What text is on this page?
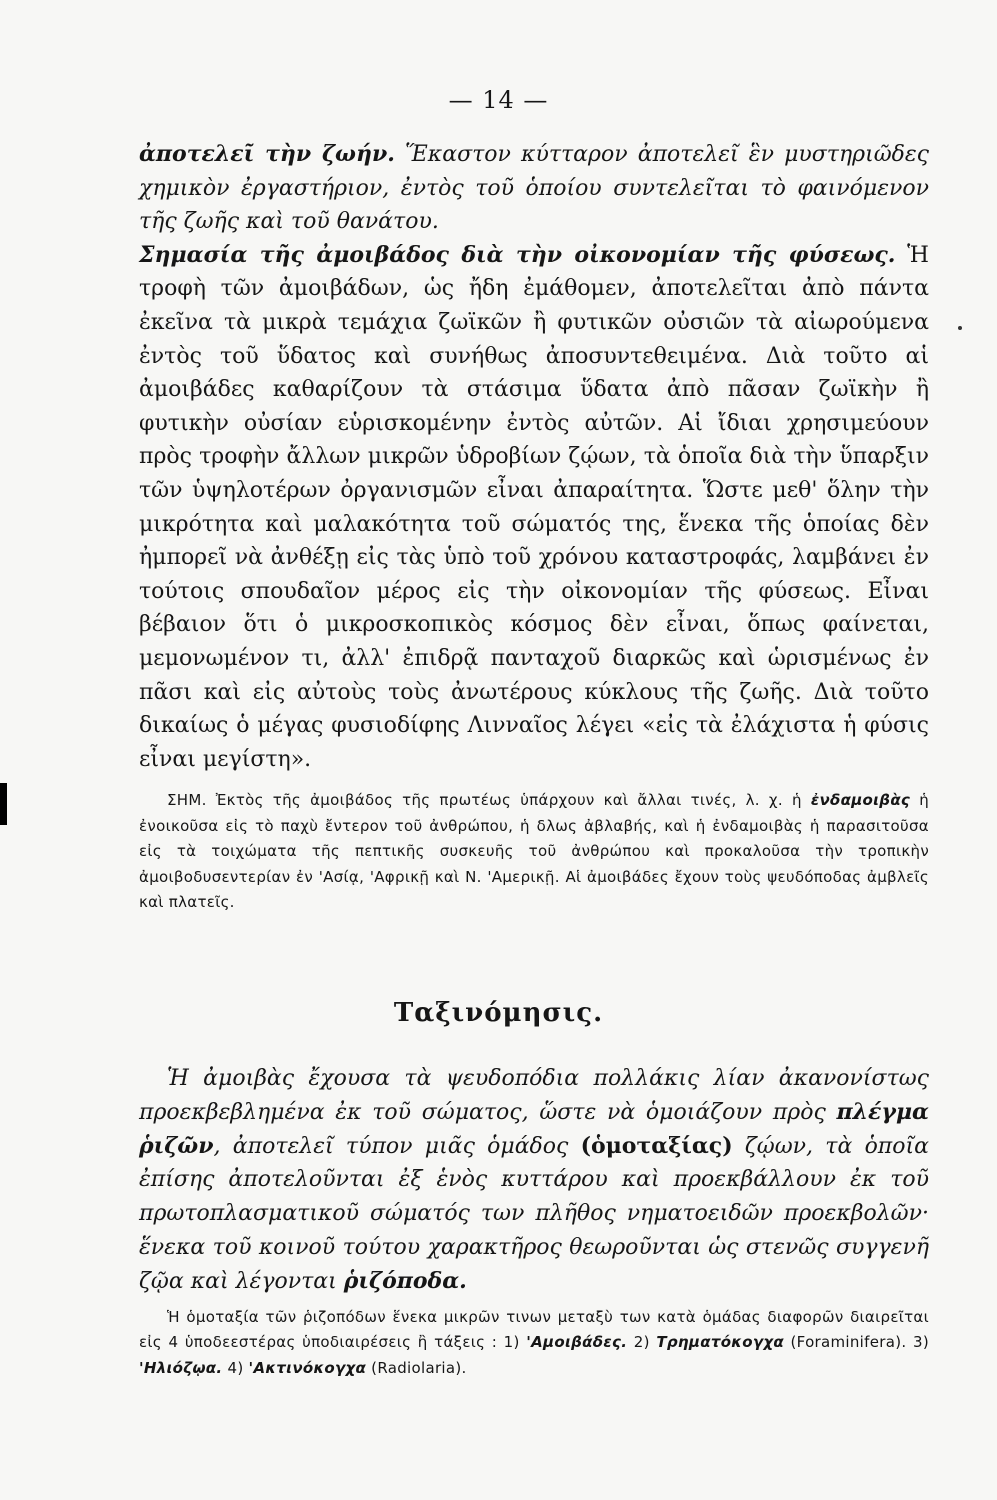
— 14 —

ἀποτελεῖ τὴν ζωήν. Ἕκαστον κύτταρον ἀποτελεῖ ἓν μυστηριῶδες χημικὸν ἐργαστήριον, ἐντὸς τοῦ ὁποίου συντελεῖται τὸ φαινόμενον τῆς ζωῆς καὶ τοῦ θανάτου.

Σημασία τῆς ἀμοιβάδος διὰ τὴν οἰκονομίαν τῆς φύσεως. Ἡ τροφὴ τῶν ἀμοιβάδων, ὡς ἤδη ἐμάθομεν, ἀποτελεῖται ἀπὸ πάντα ἐκεῖνα τὰ μικρὰ τεμάχια ζωϊκῶν ἢ φυτικῶν οὐσιῶν τὰ αἰωρούμενα ἐντὸς τοῦ ὕδατος καὶ συνήθως ἀποσυντεθειμένα. Διὰ τοῦτο αἱ ἀμοιβάδες καθαρίζουν τὰ στάσιμα ὕδατα ἀπὸ πᾶσαν ζωϊκὴν ἢ φυτικὴν οὐσίαν εὑρισκομένην ἐντὸς αὐτῶν. Αἱ ἴδιαι χρησιμεύουν πρὸς τροφὴν ἄλλων μικρῶν ὑδροβίων ζῴων, τὰ ὁποῖα διὰ τὴν ὕπαρξιν τῶν ὑψηλοτέρων ὀργανισμῶν εἶναι ἀπαραίτητα. Ὥστε μεθ' ὅλην τὴν μικρότητα καὶ μαλακότητα τοῦ σώματός της, ἕνεκα τῆς ὁποίας δὲν ἠμπορεῖ νὰ ἀνθέξῃ εἰς τὰς ὑπὸ τοῦ χρόνου καταστροφάς, λαμβάνει ἐν τούτοις σπουδαῖον μέρος εἰς τὴν οἰκονομίαν τῆς φύσεως. Εἶναι βέβαιον ὅτι ὁ μικροσκοπικὸς κόσμος δὲν εἶναι, ὅπως φαίνεται, μεμονωμένον τι, ἀλλ' ἐπιδρᾷ πανταχοῦ διαρκῶς καὶ ὡρισμένως ἐν πᾶσι καὶ εἰς αὐτοὺς τοὺς ἀνωτέρους κύκλους τῆς ζωῆς. Διὰ τοῦτο δικαίως ὁ μέγας φυσιοδίφης Λινναῖος λέγει «εἰς τὰ ἐλάχιστα ἡ φύσις εἶναι μεγίστη».

ΣΗΜ. Ἐκτὸς τῆς ἀμοιβάδος τῆς πρωτέως ὑπάρχουν καὶ ἄλλαι τινές, λ. χ. ἡ ἐνδαμοιβὰς ἡ ἐνοικοῦσα εἰς τὸ παχὺ ἔντερον τοῦ ἀνθρώπου, ἡ δλως ἀβλαβής, καὶ ἡ ἐνδαμοιβὰς ἡ παρασιτοῦσα εἰς τὰ τοιχώματα τῆς πεπτικῆς συσκευῆς τοῦ ἀνθρώπου καὶ προκαλοῦσα τὴν τροπικὴν ἀμοιβοδυσεντερίαν ἐν 'Ασίᾳ, 'Αφρικῇ καὶ Ν. 'Αμερικῇ. Αἱ ἀμοιβάδες ἔχουν τοὺς ψευδόποδας ἀμβλεῖς καὶ πλατεῖς.

Ταξινόμησις.

Ἡ ἀμοιβὰς ἔχουσα τὰ ψευδοπόδια πολλάκις λίαν ἀκανονίστως προεκβεβλημένα ἐκ τοῦ σώματος, ὥστε νὰ ὁμοιάζουν πρὸς πλέγμα ῥιζῶν, ἀποτελεῖ τύπον μιᾶς ὁμάδος (ὁμοταξίας) ζῴων, τὰ ὁποῖα ἐπίσης ἀποτελοῦνται ἐξ ἑνὸς κυττάρου καὶ προεκβάλλουν ἐκ τοῦ πρωτοπλασματικοῦ σώματός των πλῆθος νηματοειδῶν προεκβολῶν· ἕνεκα τοῦ κοινοῦ τούτου χαρακτῆρος θεωροῦνται ὡς στενῶς συγγενῆ ζῷα καὶ λέγονται ῥιζόποδα.

Ἡ ὁμοταξία τῶν ῥιζοπόδων ἕνεκα μικρῶν τινων μεταξὺ των κατὰ ὁμάδας διαφορῶν διαιρεῖται εἰς 4 ὑποδεεστέρας ὑποδιαιρέσεις ἢ τάξεις : 1) 'Αμοιβάδες. 2) Τρηματόκογχα (Foraminifera). 3) 'Ηλιόζῳα. 4) 'Ακτινόκογχα (Radiolaria).
